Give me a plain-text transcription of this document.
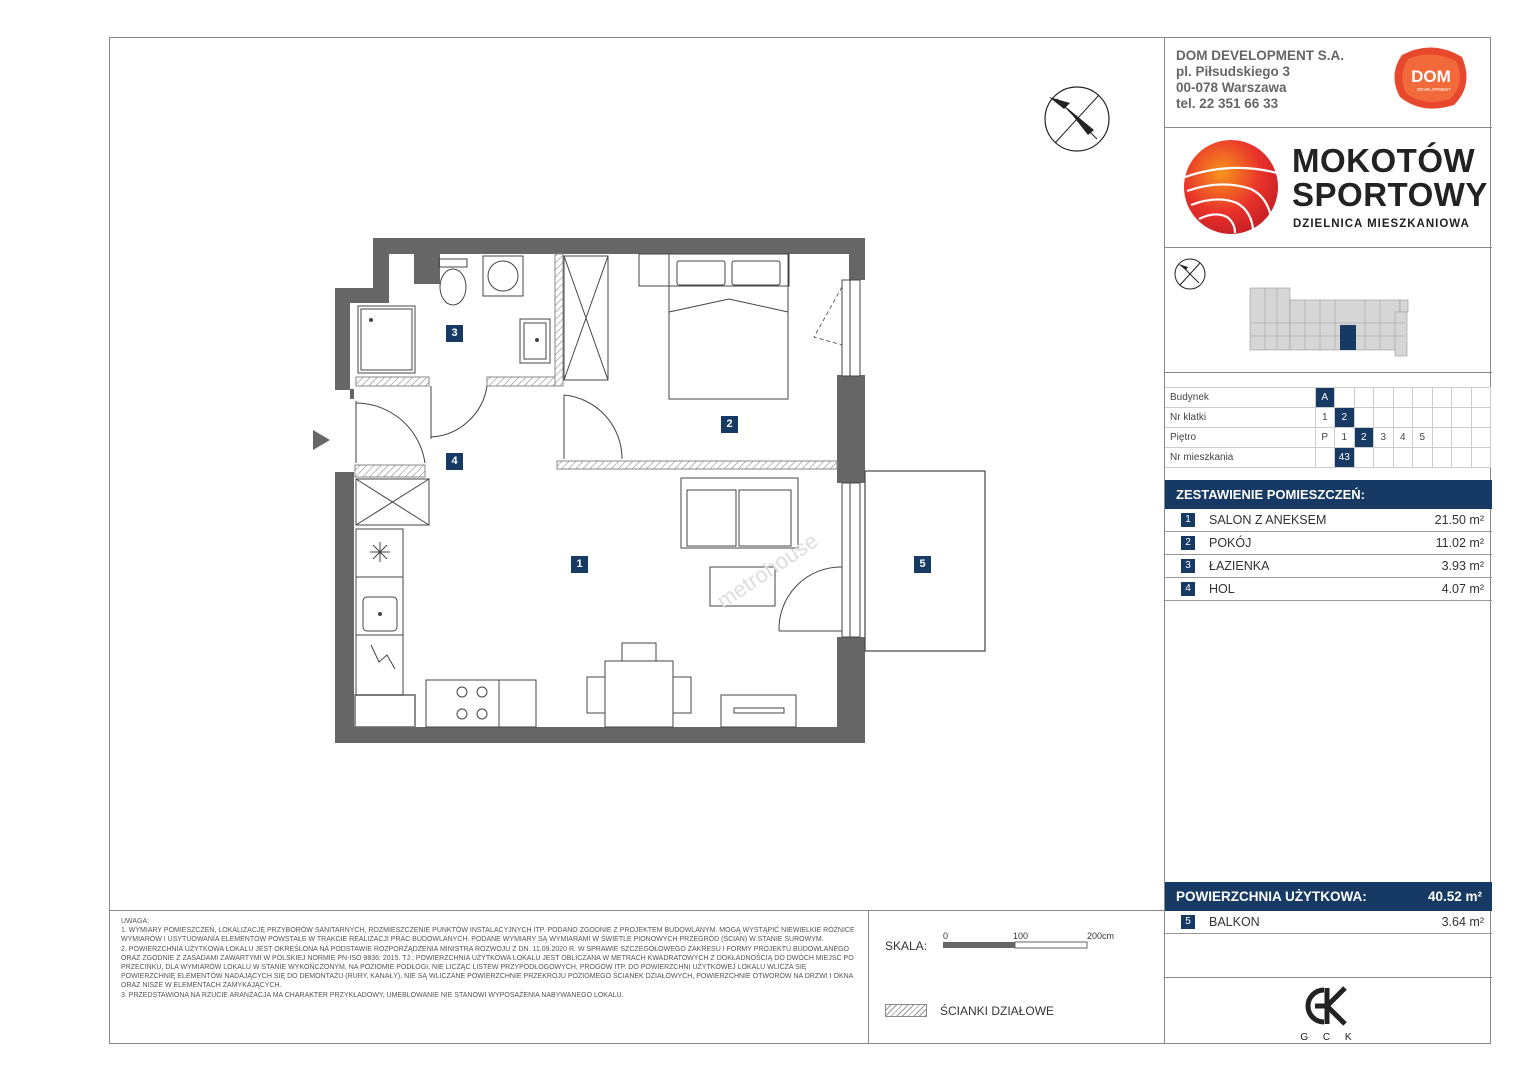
metrohouse
1
2
3
4
5
DOM DEVELOPMENT S.A.
pl. Piłsudskiego 3
00-078 Warszawa
tel. 22 351 66 33
DOM
DEVELOPMENT
MOKOTÓW
SPORTOWY
DZIELNICA MIESZKANIOWA
Budynek	A								
Nr klatki	1	2							
Piętro	P	1	2	3	4	5			
Nr mieszkania		43							
ZESTAWIENIE POMIESZCZEŃ:
1	SALON Z ANEKSEM	21.50 m²
2	POKÓJ	11.02 m²
3	ŁAZIENKA	3.93 m²
4	HOL	4.07 m²
POWIERZCHNIA UŻYTKOWA:	40.52 m²
5	BALKON	3.64 m²
G C K
UWAGA:
1. WYMIARY POMIESZCZEŃ, LOKALIZACJĘ PRZYBORÓW SANITARNYCH, ROZMIESZCZENIE PUNKTÓW INSTALACYJNYCH ITP. PODANO ZGODNIE Z PROJEKTEM BUDOWLANYM. MOGĄ WYSTĄPIĆ NIEWIELKIE RÓŻNICE WYMIARÓW I USYTUOWANIA ELEMENTÓW POWSTAŁE W TRAKCIE REALIZACJI PRAC BUDOWLANYCH. PODANE WYMIARY SĄ WYMIARAMI W ŚWIETLE PIONOWYCH PRZEGRÓD (ŚCIAN) W STANIE SUROWYM.
2. POWIERZCHNIA UŻYTKOWA LOKALU JEST OKREŚLONA NA PODSTAWIE ROZPORZĄDZENIA MINISTRA ROZWOJU Z DN. 11.09.2020 R. W SPRAWIE SZCZEGÓŁOWEGO ZAKRESU I FORMY PROJEKTU BUDOWLANEGO ORAZ ZGODNIE Z ZASADAMI ZAWARTYMI W POLSKIEJ NORMIE PN-ISO 9836: 2015. TJ.: POWIERZCHNIA UŻYTKOWA LOKALU JEST OBLICZANA W METRACH KWADRATOWYCH Z DOKŁADNOŚCIĄ DO DWÓCH MIEJSC PO PRZECINKU, DLA WYMIARÓW LOKALU W STANIE WYKOŃCZONYM, NA POZIOMIE PODŁOGI, NIE LICZĄC LISTEW PRZYPODŁOGOWYCH, PROGÓW ITP. DO POWIERZCHNI UŻYTKOWEJ LOKALU WLICZA SIĘ POWIERZCHNIĘ ELEMENTÓW NADAJĄCYCH SIĘ DO DEMONTAŻU (RURY, KANAŁY), NIE SĄ WLICZANE POWIERZCHNIE PRZEKROJU POZIOMEGO ŚCIANEK DZIAŁOWYCH, POWIERZCHNIE OTWORÓW NA DRZWI I OKNA ORAZ NISZE W ELEMENTACH ZAMYKAJĄCYCH.
3. PRZEDSTAWIONA NA RZUCIE ARANŻACJA MA CHARAKTER PRZYKŁADOWY, UMEBLOWANIE NIE STANOWI WYPOSAŻENIA NABYWANEGO LOKALU.
SKALA:
0	100	200cm
ŚCIANKI DZIAŁOWE
